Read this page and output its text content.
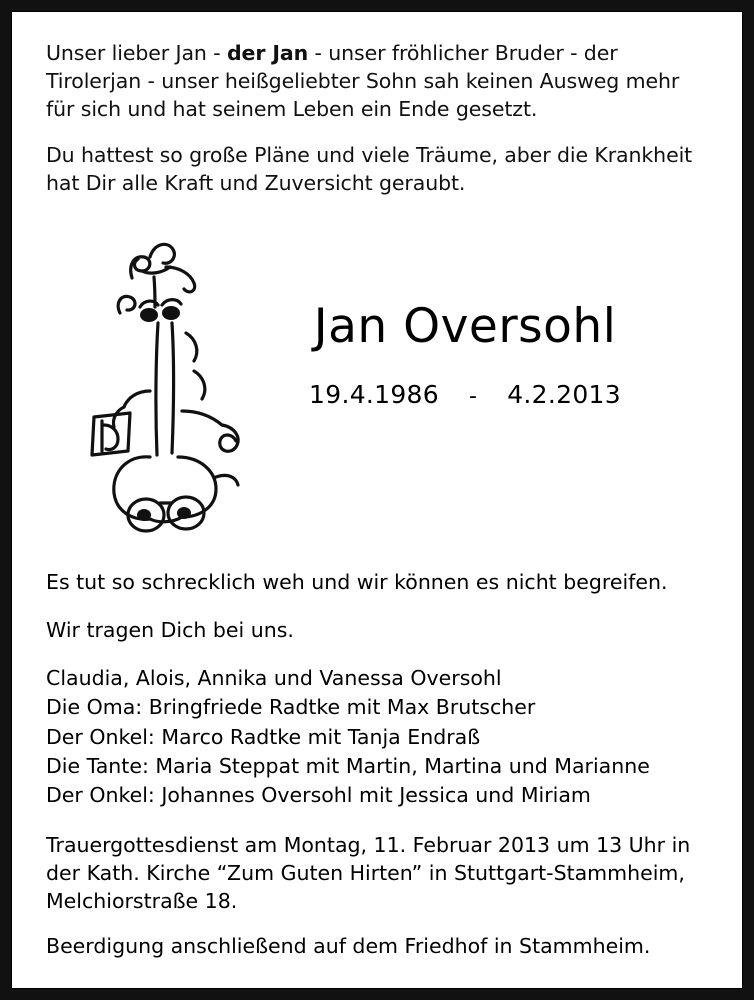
Unser lieber Jan - der Jan - unser fröhlicher Bruder - der Tirolerjan - unser heißgeliebter Sohn sah keinen Ausweg mehr für sich und hat seinem Leben ein Ende gesetzt.

Du hattest so große Pläne und viele Träume, aber die Krankheit hat Dir alle Kraft und Zuversicht geraubt.

Jan Oversohl
19.4.1986 - 4.2.2013

Es tut so schrecklich weh und wir können es nicht begreifen.

Wir tragen Dich bei uns.

Claudia, Alois, Annika und Vanessa Oversohl
Die Oma: Bringfriede Radtke mit Max Brutscher
Der Onkel: Marco Radtke mit Tanja Endraß
Die Tante: Maria Steppat mit Martin, Martina und Marianne
Der Onkel: Johannes Oversohl mit Jessica und Miriam

Trauergottesdienst am Montag, 11. Februar 2013 um 13 Uhr in der Kath. Kirche “Zum Guten Hirten” in Stuttgart-Stammheim, Melchiorstraße 18.

Beerdigung anschließend auf dem Friedhof in Stammheim.
